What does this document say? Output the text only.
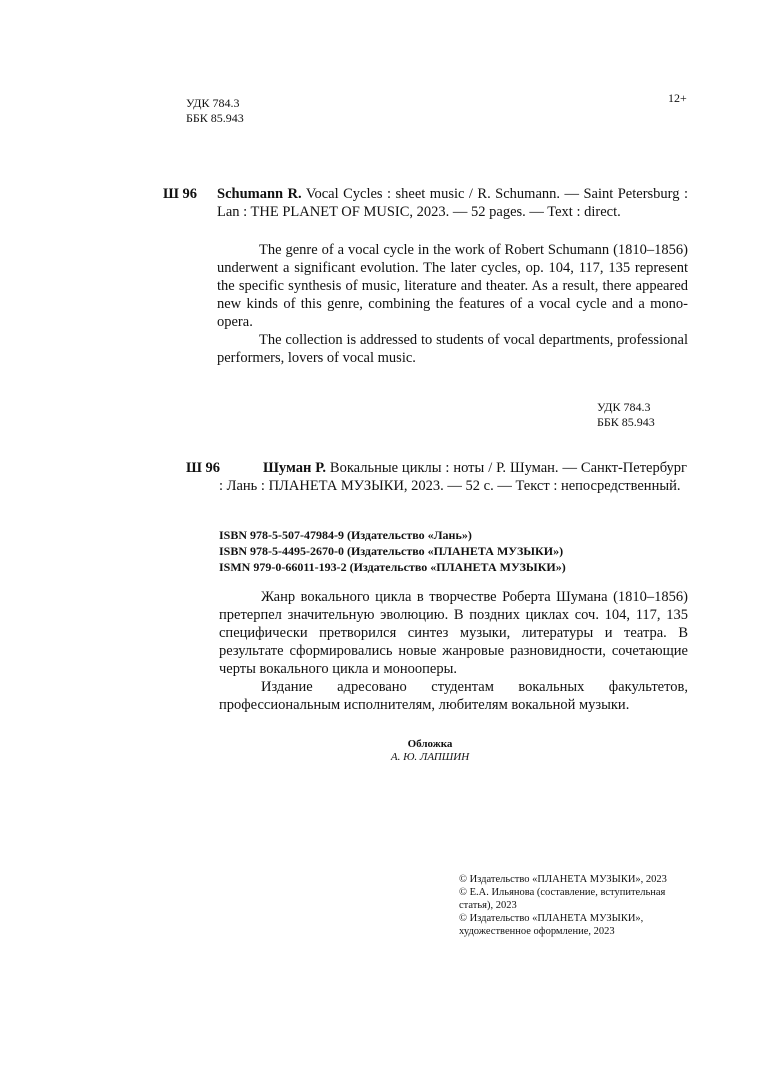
УДК 784.3
ББК 85.943
12+
Ш 96 Schumann R. Vocal Cycles : sheet music / R. Schumann. — Saint Petersburg : Lan : THE PLANET OF MUSIC, 2023. — 52 pages. — Text : direct.

The genre of a vocal cycle in the work of Robert Schumann (1810–1856) underwent a significant evolution. The later cycles, op. 104, 117, 135 represent the specific synthesis of music, literature and theater. As a result, there appeared new kinds of this genre, combining the features of a vocal cycle and a mono-opera.

The collection is addressed to students of vocal departments, professional performers, lovers of vocal music.

УДК 784.3
ББК 85.943
Ш 96	Шуман Р. Вокальные циклы : ноты / Р. Шуман. — Санкт-Петербург : Лань : ПЛАНЕТА МУЗЫКИ, 2023. — 52 с. — Текст : непосредственный.
ISBN 978-5-507-47984-9 (Издательство «Лань»)
ISBN 978-5-4495-2670-0 (Издательство «ПЛАНЕТА МУЗЫКИ»)
ISMN 979-0-66011-193-2 (Издательство «ПЛАНЕТА МУЗЫКИ»)

Жанр вокального цикла в творчестве Роберта Шумана (1810–1856) претерпел значительную эволюцию. В поздних циклах соч. 104, 117, 135 специфически претворился синтез музыки, литературы и театра. В результате сформировались новые жанровые разновидности, сочетающие черты вокального цикла и монооперы.

Издание адресовано студентам вокальных факультетов, профессиональным исполнителям, любителям вокальной музыки.

Обложка
А. Ю. ЛАПШИН
© Издательство «ПЛАНЕТА МУЗЫКИ», 2023
© Е.А. Ильянова (составление, вступительная статья), 2023
© Издательство «ПЛАНЕТА МУЗЫКИ», художественное оформление, 2023
